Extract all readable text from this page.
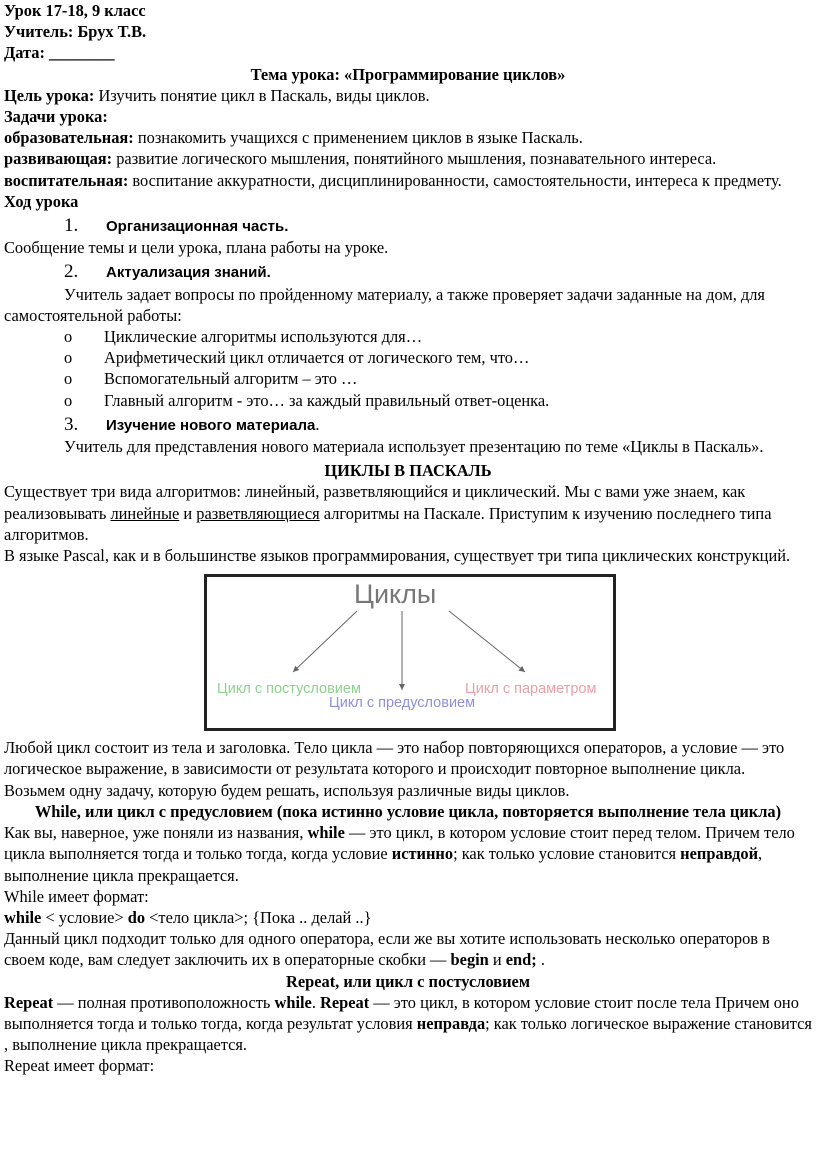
Урок 17-18, 9 класс

Учитель: Брух Т.В.

Дата: ________

Тема урока: «Программирование циклов»

Цель урока: Изучить понятие цикл в Паскаль, виды циклов.

Задачи урока:

образовательная: познакомить учащихся с применением циклов в языке Паскаль.

развивающая: развитие логического мышления, понятийного мышления, познавательного интереса.

воспитательная: воспитание аккуратности, дисциплинированности, самостоятельности, интереса к предмету.

Ход урока

1. Организационная часть.

Сообщение темы и цели урока, плана работы на уроке.

2. Актуализация знаний.

Учитель задает вопросы по пройденному материалу, а также проверяет задачи заданные на дом, для самостоятельной работы:

o Циклические алгоритмы используются для…
o Арифметический цикл отличается от логического тем, что…
o Вспомогательный алгоритм – это …
o Главный алгоритм - это… за каждый правильный ответ-оценка.

3. Изучение нового материала.

Учитель для представления нового материала использует презентацию по теме «Циклы в Паскаль».

ЦИКЛЫ В ПАСКАЛЬ

Существует три вида алгоритмов: линейный, разветвляющийся и циклический. Мы с вами уже знаем, как реализовывать линейные и разветвляющиеся алгоритмы на Паскале. Приступим к изучению последнего типа алгоритмов.

В языке Pascal, как и в большинстве языков программирования, существует три типа циклических конструкций.

Циклы
Цикл с постусловием
Цикл с предусловием
Цикл с параметром

Любой цикл состоит из тела и заголовка. Тело цикла — это набор повторяющихся операторов, а условие — это логическое выражение, в зависимости от результата которого и происходит повторное выполнение цикла.

Возьмем одну задачу, которую будем решать, используя различные виды циклов.

While, или цикл с предусловием (пока истинно условие цикла, повторяется выполнение тела цикла)

Как вы, наверное, уже поняли из названия, while — это цикл, в котором условие стоит перед телом. Причем тело цикла выполняется тогда и только тогда, когда условие истинно; как только условие становится неправдой, выполнение цикла прекращается.

While имеет формат:

while < условие> do <тело цикла>; {Пока .. делай ..}

Данный цикл подходит только для одного оператора, если же вы хотите использовать несколько операторов в своем коде, вам следует заключить их в операторные скобки — begin и end; .

Repeat, или цикл с постусловием

Repeat — полная противоположность while. Repeat — это цикл, в котором условие стоит после тела Причем оно выполняется тогда и только тогда, когда результат условия неправда; как только логическое выражение становится , выполнение цикла прекращается.

Repeat имеет формат:
